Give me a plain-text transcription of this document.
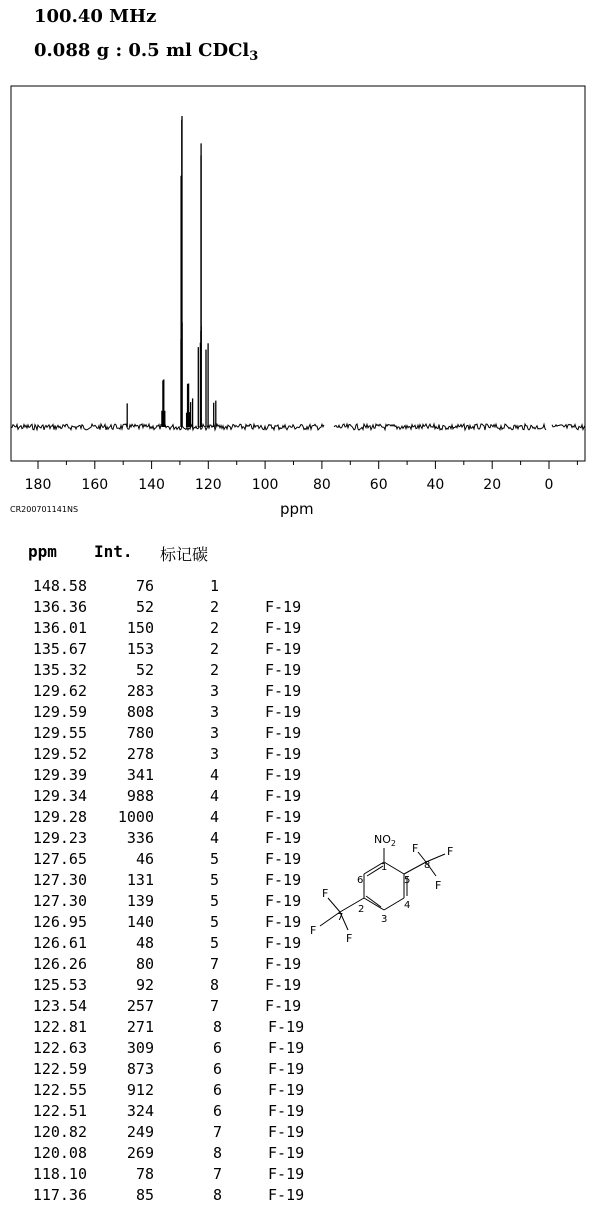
100.40 MHz
0.088 g : 0.5 ml CDCl$_3$
180 160 140 120 100 80	60	40	20	0
CR200701141NS	ppm
ppm Int. 标记碳
148.58	76	1
136.36	52	2	F-19
136.01	150	2	F-19
135.67	153	2	F-19
135.32	52	2	F-19
129.62	283	3	F-19
129.59	808	3	F-19
129.55	780	3	F-19
129.52	278	3	F-19
129.39	341	4	F-19
129.34	988	4	F-19
129.28	1000	4	F-19
129.23	336	4	F-19
127.65	46	5	F-19
127.30	131	5	F-19
127.30	139	5	F-19
126.95	140	5	F-19
126.61	48	5	F-19
126.26	80	7	F-19
125.53	92	8	F-19
123.54	257	7	F-19
122.81	271	8	F-19
122.63	309	6	F-19
122.59	873	6	F-19
122.55	912	6	F-19
122.51	324	6	F-19
120.82	249	7	F-19
120.08	269	8	F-19
118.10	78	7	F-19
117.36	85	8	F-19
$NO_2$
1
2
3
4
5
6
7
8
F	F
F
F
F
F
